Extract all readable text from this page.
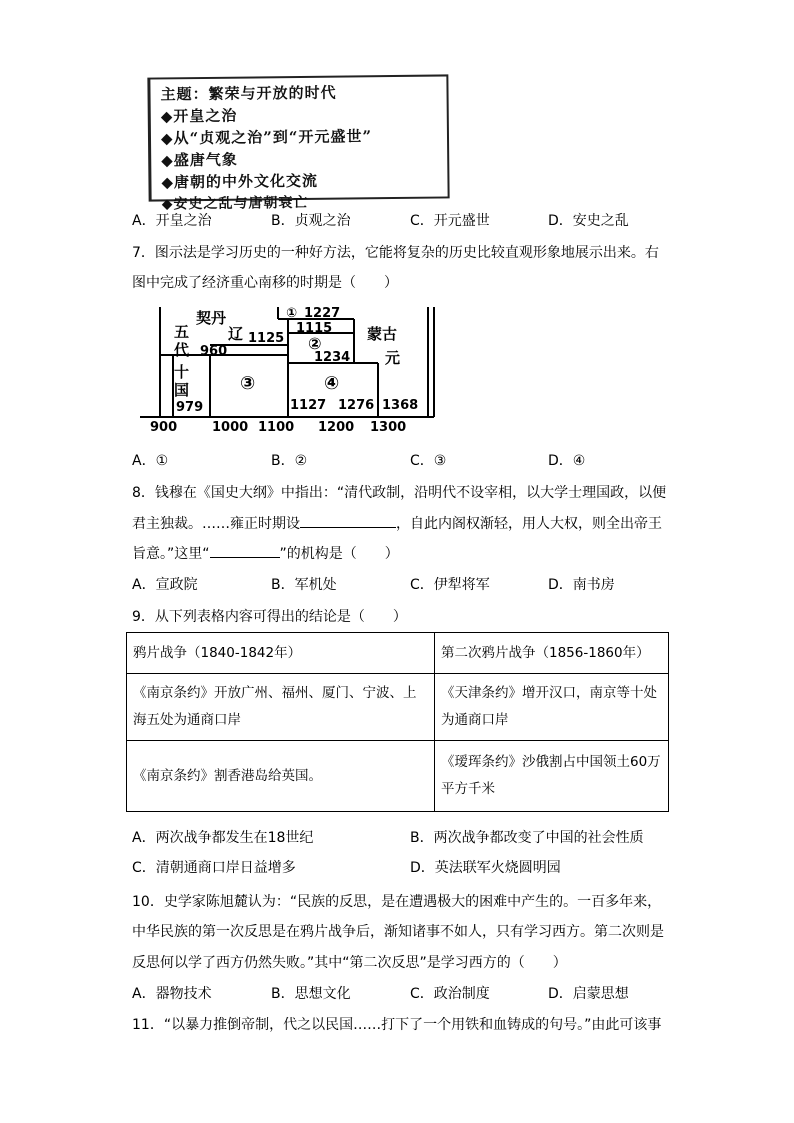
主题：繁荣与开放的时代
◆开皇之治
◆从“贞观之治”到“开元盛世”
◆盛唐气象
◆唐朝的中外文化交流
◆安史之乱与唐朝衰亡
A．开皇之治	B．贞观之治	C．开元盛世	D．安史之乱
7．图示法是学习历史的一种好方法，它能将复杂的历史比较直观形象地展示出来。右
图中完成了经济重心南移的时期是（　　）
契丹
辽 1125
五
代 960
十
国
979
① 1227
1115
②
1234
③	④
1127 1276 1368
蒙古
元
900	1000 1100 1200 1300
A．①	B．②	C．③	D．④
8．钱穆在《国史大纲》中指出：“清代政制，沿明代不设宰相，以大学士理国政，以便
君主独裁。……雍正时期设	，自此内阁权渐轻，用人大权，则全出帝王
旨意。”这里“	”的机构是（　　）
A．宣政院	B．军机处	C．伊犁将军	D．南书房
9．从下列表格内容可得出的结论是（　　）
鸦片战争（1840-1842年）	第二次鸦片战争（1856-1860年）
《南京条约》开放广州、福州、厦门、宁波、上海五处为通商口岸	《天津条约》增开汉口，南京等十处为通商口岸
《南京条约》割香港岛给英国。	《瑷珲条约》沙俄割占中国领土60万平方千米
A．两次战争都发生在18世纪	B．两次战争都改变了中国的社会性质
C．清朝通商口岸日益增多	D．英法联军火烧圆明园
10．史学家陈旭麓认为：“民族的反思，是在遭遇极大的困难中产生的。一百多年来，
中华民族的第一次反思是在鸦片战争后，渐知诸事不如人，只有学习西方。第二次则是
反思何以学了西方仍然失败。”其中“第二次反思”是学习西方的（　　）
A．器物技术	B．思想文化	C．政治制度	D．启蒙思想
11．“以暴力推倒帝制，代之以民国……打下了一个用铁和血铸成的句号。”由此可该事
